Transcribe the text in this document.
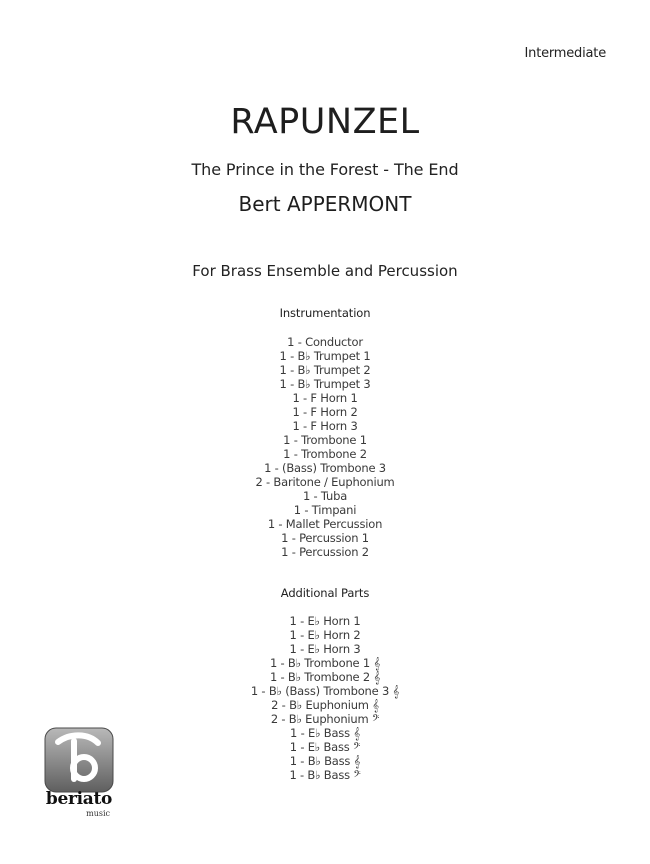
Intermediate
RAPUNZEL
The Prince in the Forest - The End
Bert APPERMONT
For Brass Ensemble and Percussion
Instrumentation
1 - Conductor
1 - B♭ Trumpet 1
1 - B♭ Trumpet 2
1 - B♭ Trumpet 3
1 - F Horn 1
1 - F Horn 2
1 - F Horn 3
1 - Trombone 1
1 - Trombone 2
1 - (Bass) Trombone 3
2 - Baritone / Euphonium
1 - Tuba
1 - Timpani
1 - Mallet Percussion
1 - Percussion 1
1 - Percussion 2
Additional Parts
1 - E♭ Horn 1
1 - E♭ Horn 2
1 - E♭ Horn 3
1 - B♭ Trombone 1 𝄞
1 - B♭ Trombone 2 𝄞
1 - B♭ (Bass) Trombone 3 𝄞
2 - B♭ Euphonium 𝄞
2 - B♭ Euphonium 𝄢
1 - E♭ Bass 𝄞
1 - E♭ Bass 𝄢
1 - B♭ Bass 𝄞
1 - B♭ Bass 𝄢
beriato
music
